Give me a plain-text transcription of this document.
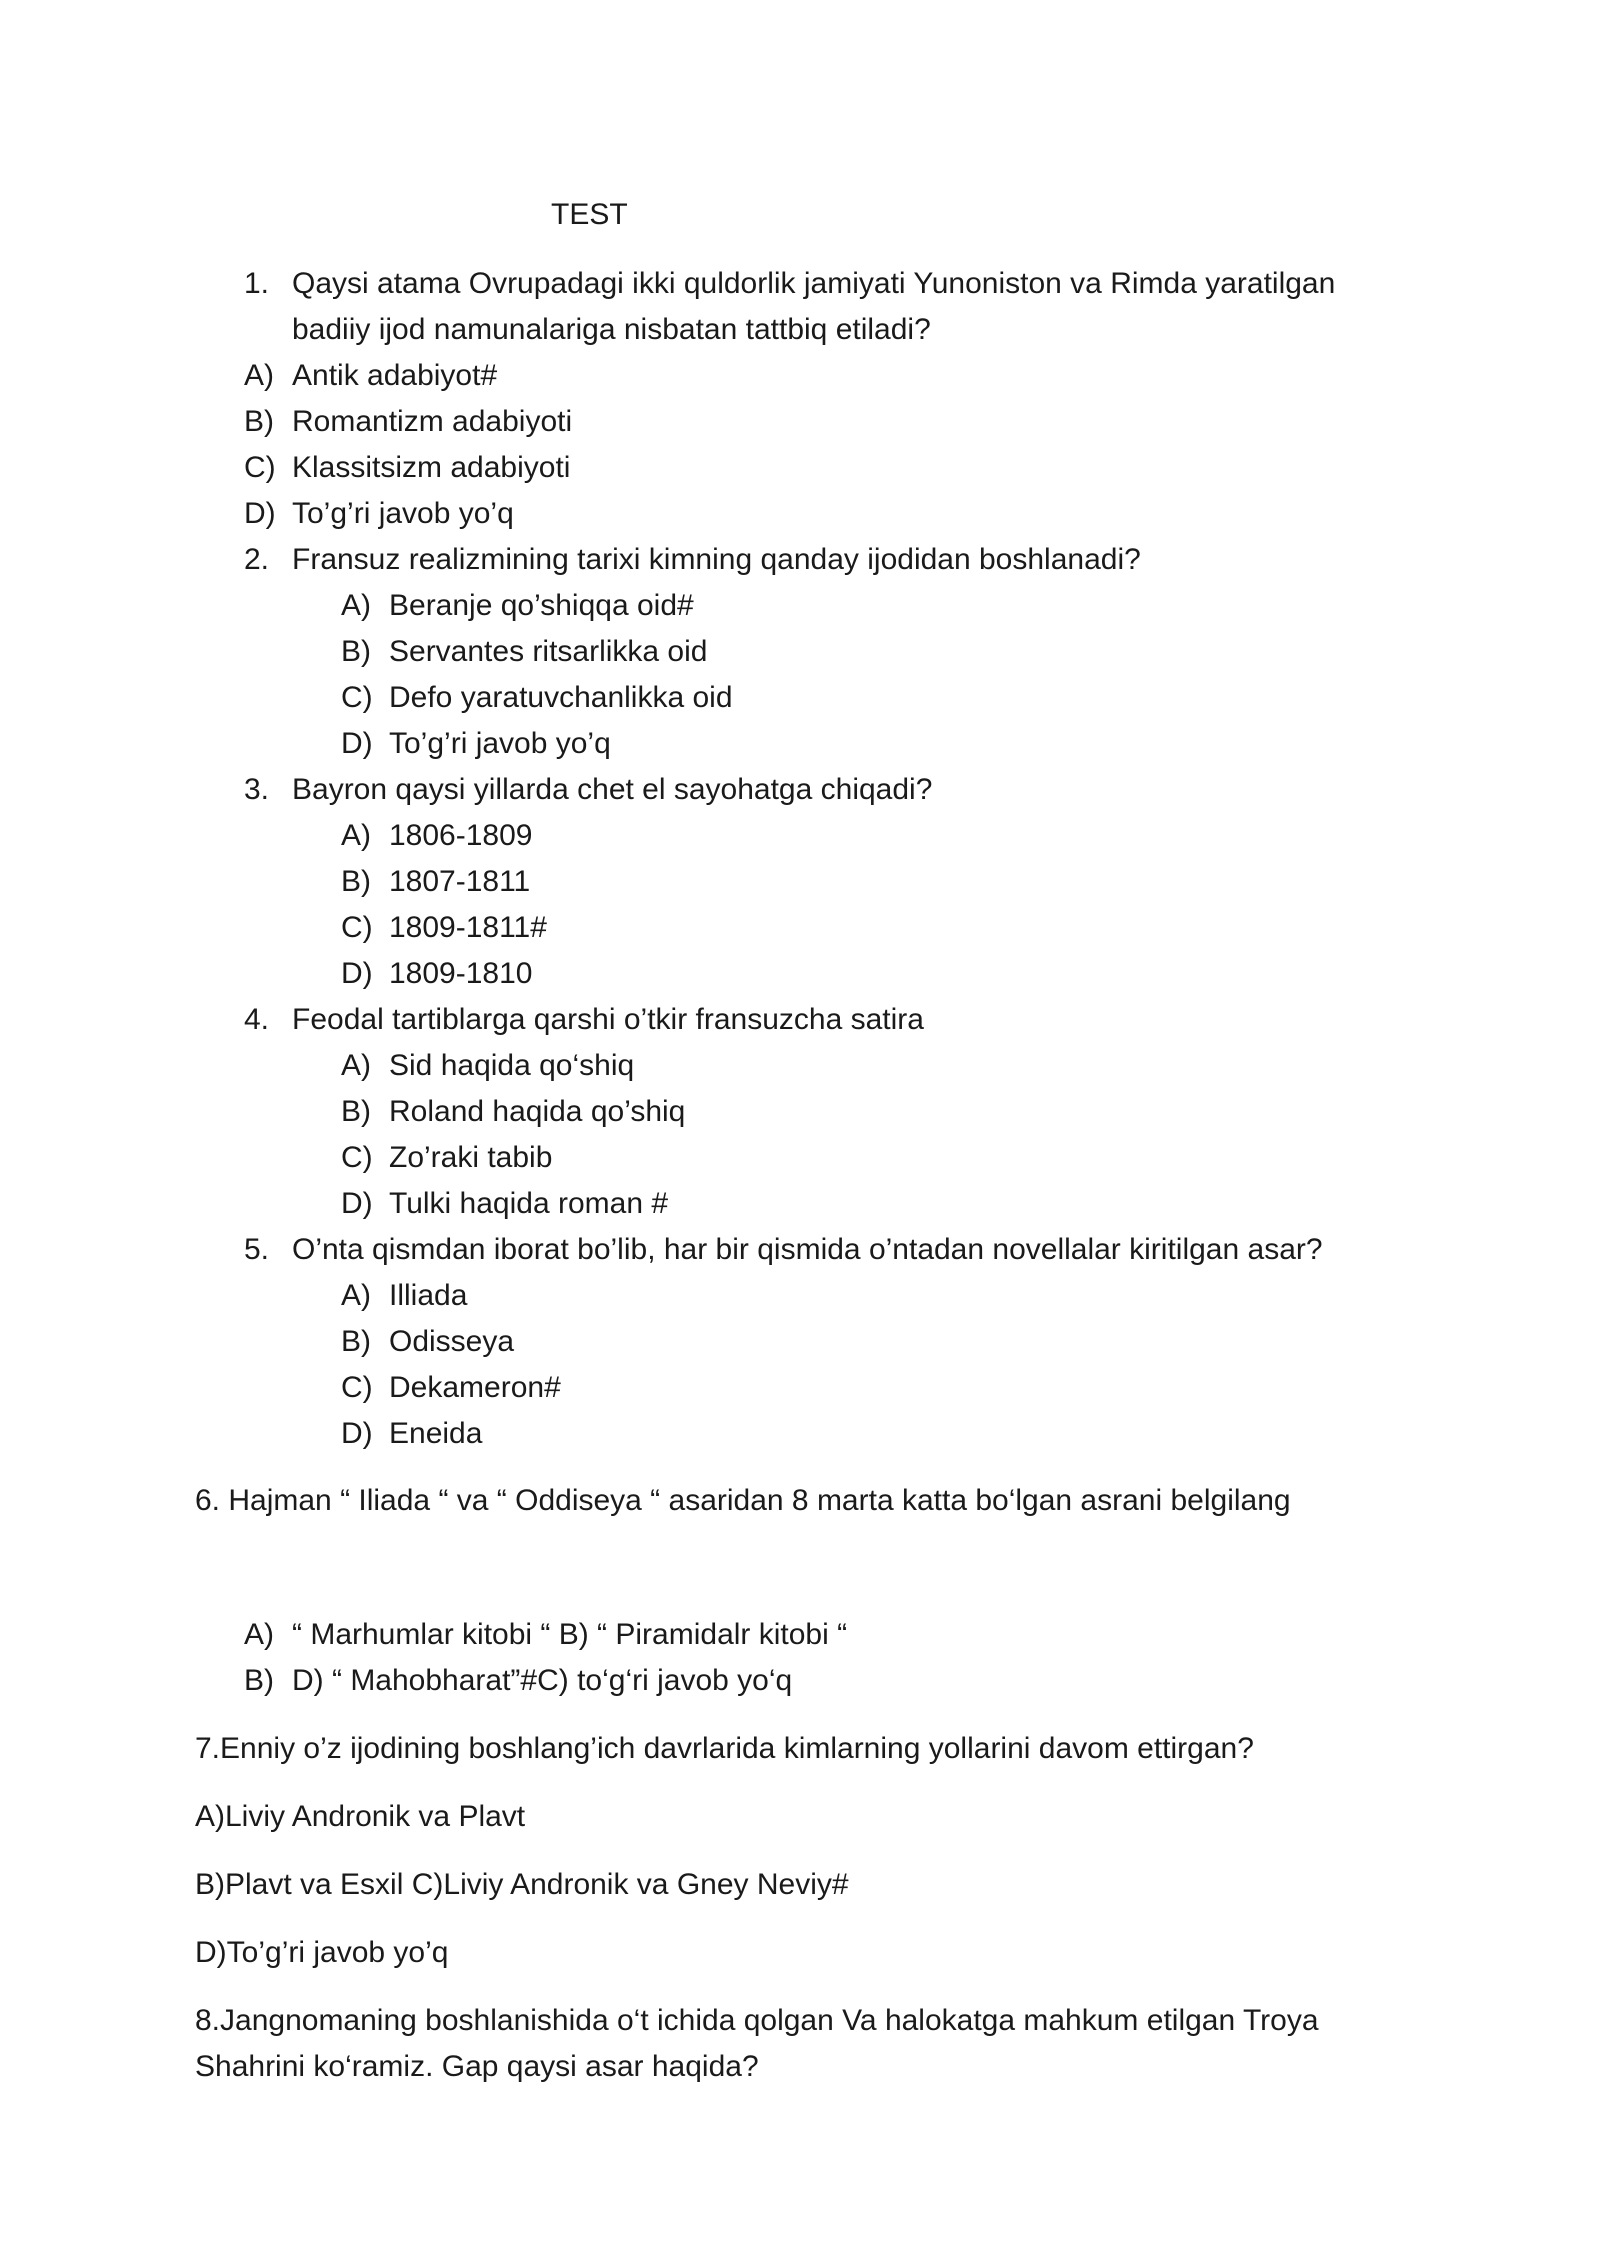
TEST
1. Qaysi atama Ovrupadagi ikki quldorlik jamiyati Yunoniston va Rimda yaratilgan badiiy ijod namunalariga nisbatan tattbiq etiladi?
A) Antik adabiyot#
B) Romantizm adabiyoti
C) Klassitsizm adabiyoti
D) To’g’ri javob yo’q
2. Fransuz realizmining tarixi kimning qanday ijodidan boshlanadi?
A) Beranje qo’shiqqa oid#
B) Servantes ritsarlikka oid
C) Defo yaratuvchanlikka oid
D) To’g’ri javob yo’q
3. Bayron qaysi yillarda chet el sayohatga chiqadi?
A) 1806-1809
B) 1807-1811
C) 1809-1811#
D) 1809-1810
4. Feodal tartiblarga qarshi o’tkir fransuzcha satira
A) Sid haqida qo‘shiq
B) Roland haqida qo’shiq
C) Zo’raki tabib
D) Tulki haqida roman #
5. O’nta qismdan iborat bo’lib, har bir qismida o’ntadan novellalar kiritilgan asar?
A) Illiada
B) Odisseya
C) Dekameron#
D) Eneida
6. Hajman “ Iliada “ va “ Oddiseya “ asaridan 8 marta katta bo‘lgan asrani belgilang
A) “ Marhumlar kitobi “ B) “ Piramidalr kitobi “
B) D) “ Mahobharat”#C) to‘g‘ri javob yo‘q
7.Enniy o’z ijodining boshlang’ich davrlarida kimlarning yollarini davom ettirgan?
A)Liviy Andronik va Plavt
B)Plavt va Esxil C)Liviy Andronik va Gney Neviy#
D)To’g’ri javob yo’q
8.Jangnomaning boshlanishida o‘t ichida qolgan Va halokatga mahkum etilgan Troya Shahrini ko‘ramiz. Gap qaysi asar haqida?
